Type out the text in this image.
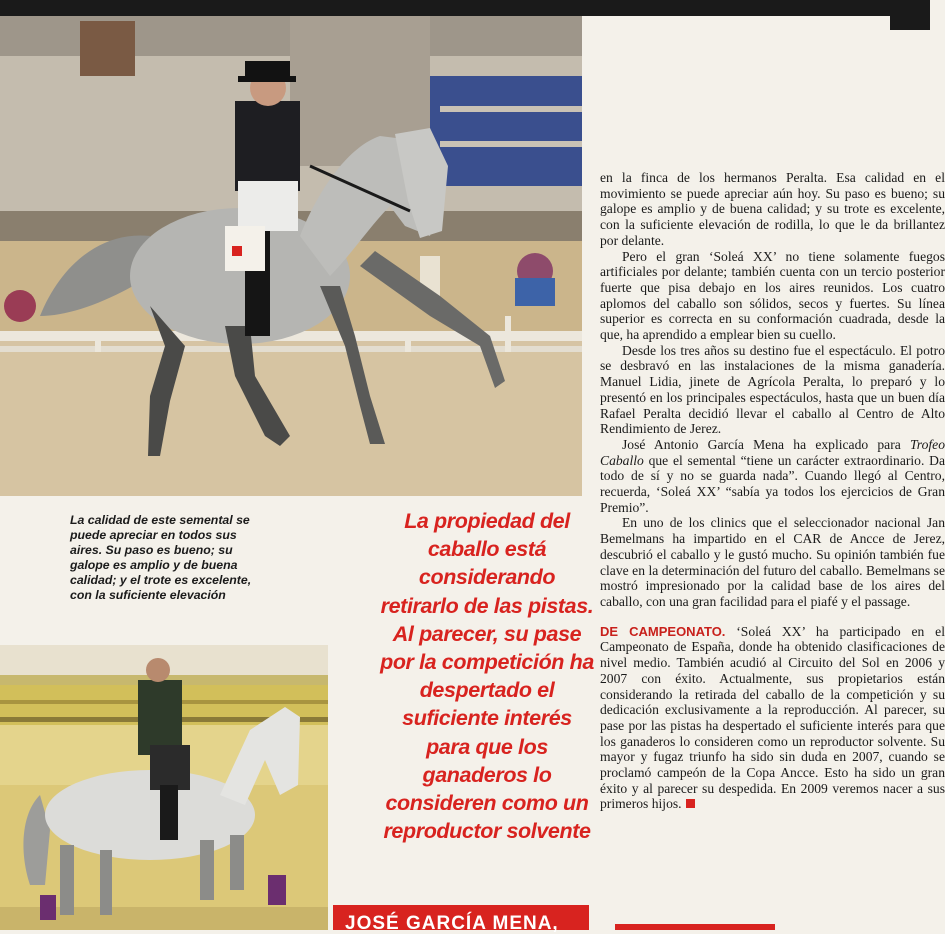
La calidad de este semental se puede apreciar en todos sus aires. Su paso es bueno; su galope es amplio y de buena calidad; y el trote es excelente, con la suficiente elevación
La propiedad del caballo está considerando retirarlo de las pistas. Al parecer, su pase por la competición ha despertado el suficiente interés para que los ganaderos lo consideren como un reproductor solvente
JOSÉ GARCÍA MENA,

en la finca de los hermanos Peralta. Esa calidad en el movimiento se puede apreciar aún hoy. Su paso es bueno; su galope es amplio y de buena calidad; y su trote es excelente, con la suficiente elevación de rodilla, lo que le da brillantez por delante.

Pero el gran ‘Soleá XX’ no tiene solamente fuegos artificiales por delante; también cuenta con un tercio posterior fuerte que pisa debajo en los aires reunidos. Los cuatro aplomos del caballo son sólidos, secos y fuertes. Su línea superior es correcta en su conformación cuadrada, desde la que, ha aprendido a emplear bien su cuello.

Desde los tres años su destino fue el espectáculo. El potro se desbravó en las instalaciones de la misma ganadería. Manuel Lidia, jinete de Agrícola Peralta, lo preparó y lo presentó en los principales espectáculos, hasta que un buen día Rafael Peralta decidió llevar el caballo al Centro de Alto Rendimiento de Jerez.

José Antonio García Mena ha explicado para Trofeo Caballo que el semental “tiene un carácter extraordinario. Da todo de sí y no se guarda nada”. Cuando llegó al Centro, recuerda, ‘Soleá XX’ “sabía ya todos los ejercicios de Gran Premio”.

En uno de los clinics que el seleccionador nacional Jan Bemelmans ha impartido en el CAR de Ancce de Jerez, descubrió el caballo y le gustó mucho. Su opinión también fue clave en la determinación del futuro del caballo. Bemelmans se mostró impresionado por la calidad base de los aires del caballo, con una gran facilidad para el piafé y el passage.

DE CAMPEONATO. ‘Soleá XX’ ha participado en el Campeonato de España, donde ha obtenido clasificaciones de nivel medio. También acudió al Circuito del Sol en 2006 y 2007 con éxito. Actualmente, sus propietarios están considerando la retirada del caballo de la competición y su dedicación exclusivamente a la reproducción. Al parecer, su pase por las pistas ha despertado el suficiente interés para que los ganaderos lo consideren como un reproductor solvente. Su mayor y fugaz triunfo ha sido sin duda en 2007, cuando se proclamó campeón de la Copa Ancce. Esto ha sido un gran éxito y al parecer su despedida. En 2009 veremos nacer a sus primeros hijos.
